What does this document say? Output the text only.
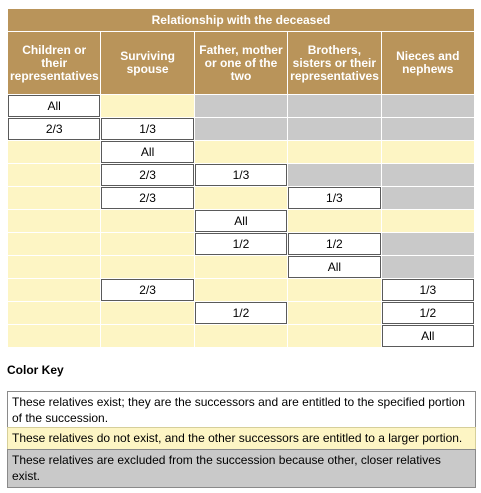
Relationship with the deceased				
Children or their representatives	Surviving spouse	Father, mother or one of the two	Brothers, sisters or their representatives	Nieces and nephews
All				
2/3	1/3			
	All			
	2/3	1/3		
	2/3		1/3	
		All		
		1/2	1/2	
			All	
	2/3			1/3
		1/2		1/2
				All
Color Key
These relatives exist; they are the successors and are entitled to the specified portion of the succession.
These relatives do not exist, and the other successors are entitled to a larger portion.
These relatives are excluded from the succession because other, closer relatives exist.
